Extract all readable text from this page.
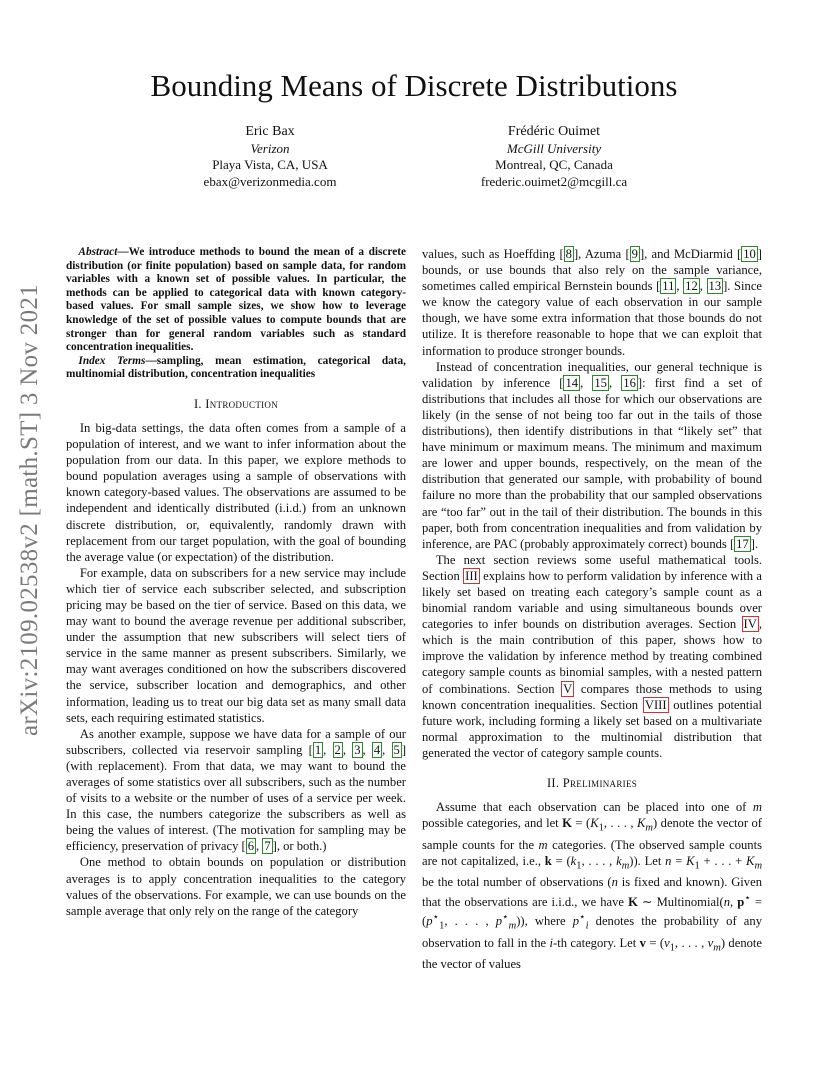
arXiv:2109.02538v2 [math.ST] 3 Nov 2021
Bounding Means of Discrete Distributions
Eric Bax
Verizon
Playa Vista, CA, USA
ebax@verizonmedia.com
Frédéric Ouimet
McGill University
Montreal, QC, Canada
frederic.ouimet2@mcgill.ca

Abstract—We introduce methods to bound the mean of a discrete distribution (or finite population) based on sample data, for random variables with a known set of possible values. In particular, the methods can be applied to categorical data with known category-based values. For small sample sizes, we show how to leverage knowledge of the set of possible values to compute bounds that are stronger than for general random variables such as standard concentration inequalities.

Index Terms—sampling, mean estimation, categorical data, multinomial distribution, concentration inequalities

I. Introduction

In big-data settings, the data often comes from a sample of a population of interest, and we want to infer information about the population from our data. In this paper, we explore methods to bound population averages using a sample of observations with known category-based values. The observations are assumed to be independent and identically distributed (i.i.d.) from an unknown discrete distribution, or, equivalently, randomly drawn with replacement from our target population, with the goal of bounding the average value (or expectation) of the distribution.

For example, data on subscribers for a new service may include which tier of service each subscriber selected, and subscription pricing may be based on the tier of service. Based on this data, we may want to bound the average revenue per additional subscriber, under the assumption that new subscribers will select tiers of service in the same manner as present subscribers. Similarly, we may want averages conditioned on how the subscribers discovered the service, subscriber location and demographics, and other information, leading us to treat our big data set as many small data sets, each requiring estimated statistics.

As another example, suppose we have data for a sample of our subscribers, collected via reservoir sampling [ 1 , 2 , 3 , 4 , 5 ] (with replacement). From that data, we may want to bound the averages of some statistics over all subscribers, such as the number of visits to a website or the number of uses of a service per week. In this case, the numbers categorize the subscribers as well as being the values of interest. (The motivation for sampling may be efficiency, preservation of privacy [ 6 , 7 ], or both.)

One method to obtain bounds on population or distribution averages is to apply concentration inequalities to the category values of the observations. For example, we can use bounds on the sample average that only rely on the range of the category

values, such as Hoeffding [ 8 ], Azuma [ 9 ], and McDiarmid [ 10 ] bounds, or use bounds that also rely on the sample variance, sometimes called empirical Bernstein bounds [ 11 , 12 , 13 ]. Since we know the category value of each observation in our sample though, we have some extra information that those bounds do not utilize. It is therefore reasonable to hope that we can exploit that information to produce stronger bounds.

Instead of concentration inequalities, our general technique is validation by inference [ 14 , 15 , 16 ]: first find a set of distributions that includes all those for which our observations are likely (in the sense of not being too far out in the tails of those distributions), then identify distributions in that “likely set” that have minimum or maximum means. The minimum and maximum are lower and upper bounds, respectively, on the mean of the distribution that generated our sample, with probability of bound failure no more than the probability that our sampled observations are “too far” out in the tail of their distribution. The bounds in this paper, both from concentration inequalities and from validation by inference, are PAC (probably approximately correct) bounds [ 17 ].

The next section reviews some useful mathematical tools. Section III explains how to perform validation by inference with a likely set based on treating each category’s sample count as a binomial random variable and using simultaneous bounds over categories to infer bounds on distribution averages. Section IV , which is the main contribution of this paper, shows how to improve the validation by inference method by treating combined category sample counts as binomial samples, with a nested pattern of combinations. Section V compares those methods to using known concentration inequalities. Section VIII outlines potential future work, including forming a likely set based on a multivariate normal approximation to the multinomial distribution that generated the vector of category sample counts.

II. Preliminaries

Assume that each observation can be placed into one of m possible categories, and let $K = (K_1$, . . . , $K_m$) denote the vector of sample counts for the m categories. (The observed sample counts are not capitalized, i.e., $k = (k_1$, . . . , $k_m$)). Let $n = K_1$ + . . . + $K_m$ be the total number of observations (n is fixed and known). Given that the observations are i.i.d., we have K ∼ Multinomial(n, $p^⋆ = (p^⋆_1$, . . . , $p^⋆_m$)), where $p^⋆_i$ denotes the probability of any observation to fall in the i-th category. Let $v = (v_1$, . . . , $v_m$) denote the vector of values
